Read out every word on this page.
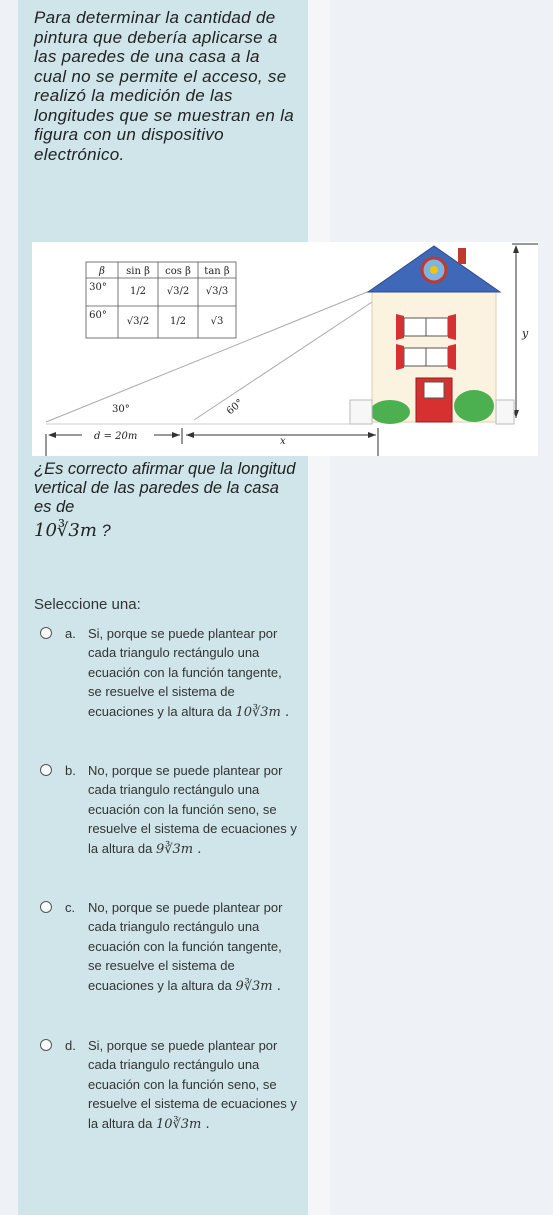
Para determinar la cantidad de pintura que debería aplicarse a las paredes de una casa a la cual no se permite el acceso, se realizó la medición de las longitudes que se muestran en la figura con un dispositivo electrónico.
β sin β cos β tan β
30° 1/2 √3/2 √3/3
60°
√3/2 1/2 √3
30°	60°
d = 20m	x
y
¿Es correcto afirmar que la longitud vertical de las paredes de la casa es de
10∛3m ?
Seleccione una:
a. Si, porque se puede plantear por cada triangulo rectángulo una ecuación con la función tangente, se resuelve el sistema de ecuaciones y la altura da 10∛3m .
b. No, porque se puede plantear por cada triangulo rectángulo una ecuación con la función seno, se resuelve el sistema de ecuaciones y la altura da 9∛3m .
c. No, porque se puede plantear por cada triangulo rectángulo una ecuación con la función tangente, se resuelve el sistema de ecuaciones y la altura da 9∛3m .
d. Si, porque se puede plantear por cada triangulo rectángulo una ecuación con la función seno, se resuelve el sistema de ecuaciones y la altura da 10∛3m .
